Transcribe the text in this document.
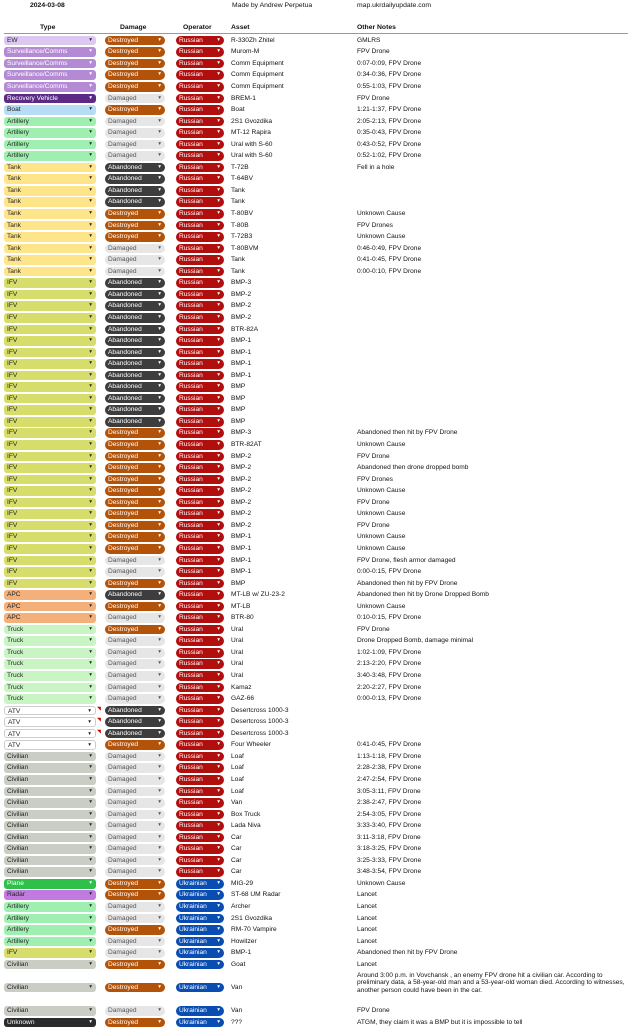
2024-03-08	Made by Andrew Perpetua	map.ukrdailyupdate.com
Type	Damage	Operator	Asset	Other Notes
EW	▾	Destroyed	▾	Russian	▾ R-330Zh Zhitel	GMLRS
Surveillance/Comms	▾	Destroyed	▾	Russian	▾ Murom-M	FPV Drone
Surveillance/Comms	▾	Destroyed	▾	Russian	▾ Comm Equipment	0:07-0:09, FPV Drone
Surveillance/Comms	▾	Destroyed	▾	Russian	▾ Comm Equipment	0:34-0:36, FPV Drone
Surveillance/Comms	▾	Destroyed	▾	Russian	▾ Comm Equipment	0:55-1:03, FPV Drone
Recovery Vehicle	▾	Damaged	▾	Russian	▾ BREM-1	FPV Drone
Boat	▾	Destroyed	▾	Russian	▾ Boat	1:21-1:37, FPV Drone
Artillery	▾	Damaged	▾	Russian	▾ 2S1 Gvozdika	2:05-2:13, FPV Drone
Artillery	▾	Damaged	▾	Russian	▾ MT-12 Rapira	0:35-0:43, FPV Drone
Artillery	▾	Damaged	▾	Russian	▾ Ural with S-60	0:43-0:52, FPV Drone
Artillery	▾	Damaged	▾	Russian	▾ Ural with S-60	0:52-1:02, FPV Drone
Tank	▾	Abandoned	▾	Russian	▾ T-72B	Fell in a hole
Tank	▾	Abandoned	▾	Russian	▾ T-64BV
Tank	▾	Abandoned	▾	Russian	▾ Tank
Tank	▾	Abandoned	▾	Russian	▾ Tank
Tank	▾	Destroyed	▾	Russian	▾ T-80BV	Unknown Cause
Tank	▾	Destroyed	▾	Russian	▾ T-80B	FPV Drones
Tank	▾	Destroyed	▾	Russian	▾ T-72B3	Unknown Cause
Tank	▾	Damaged	▾	Russian	▾ T-80BVM	0:46-0:49, FPV Drone
Tank	▾	Damaged	▾	Russian	▾ Tank	0:41-0:45, FPV Drone
Tank	▾	Damaged	▾	Russian	▾ Tank	0:00-0:10, FPV Drone
IFV	▾	Abandoned	▾	Russian	▾ BMP-3
IFV	▾	Abandoned	▾	Russian	▾ BMP-2
IFV	▾	Abandoned	▾	Russian	▾ BMP-2
IFV	▾	Abandoned	▾	Russian	▾ BMP-2
IFV	▾	Abandoned	▾	Russian	▾ BTR-82A
IFV	▾	Abandoned	▾	Russian	▾ BMP-1
IFV	▾	Abandoned	▾	Russian	▾ BMP-1
IFV	▾	Abandoned	▾	Russian	▾ BMP-1
IFV	▾	Abandoned	▾	Russian	▾ BMP-1
IFV	▾	Abandoned	▾	Russian	▾ BMP
IFV	▾	Abandoned	▾	Russian	▾ BMP
IFV	▾	Abandoned	▾	Russian	▾ BMP
IFV	▾	Abandoned	▾	Russian	▾ BMP
IFV	▾	Destroyed	▾	Russian	▾ BMP-3	Abandoned then hit by FPV Drone
IFV	▾	Destroyed	▾	Russian	▾ BTR-82AT	Unknown Cause
IFV	▾	Destroyed	▾	Russian	▾ BMP-2	FPV Drone
IFV	▾	Destroyed	▾	Russian	▾ BMP-2	Abandoned then drone dropped bomb
IFV	▾	Destroyed	▾	Russian	▾ BMP-2	FPV Drones
IFV	▾	Destroyed	▾	Russian	▾ BMP-2	Unknown Cause
IFV	▾	Destroyed	▾	Russian	▾ BMP-2	FPV Drone
IFV	▾	Destroyed	▾	Russian	▾ BMP-2	Unknown Cause
IFV	▾	Destroyed	▾	Russian	▾ BMP-2	FPV Drone
IFV	▾	Destroyed	▾	Russian	▾ BMP-1	Unknown Cause
IFV	▾	Destroyed	▾	Russian	▾ BMP-1	Unknown Cause
IFV	▾	Damaged	▾	Russian	▾ BMP-1	FPV Drone, flesh armor damaged
IFV	▾	Damaged	▾	Russian	▾ BMP-1	0:00-0:15, FPV Drone
IFV	▾	Destroyed	▾	Russian	▾ BMP	Abandoned then hit by FPV Drone
APC	▾	Abandoned	▾	Russian	▾ MT-LB w/ ZU-23-2	Abandoned then hit by Drone Dropped Bomb
APC	▾	Destroyed	▾	Russian	▾ MT-LB	Unknown Cause
APC	▾	Damaged	▾	Russian	▾ BTR-80	0:10-0:15, FPV Drone
Truck	▾	Destroyed	▾	Russian	▾ Ural	FPV Drone
Truck	▾	Damaged	▾	Russian	▾ Ural	Drone Dropped Bomb, damage minimal
Truck	▾	Damaged	▾	Russian	▾ Ural	1:02-1:09, FPV Drone
Truck	▾	Damaged	▾	Russian	▾ Ural	2:13-2:20, FPV Drone
Truck	▾	Damaged	▾	Russian	▾ Ural	3:40-3:48, FPV Drone
Truck	▾	Damaged	▾	Russian	▾ Kamaz	2:20-2:27, FPV Drone
Truck	▾	Damaged	▾	Russian	▾ GAZ-66	0:00-0:13, FPV Drone
ATV	▾ ◥	Abandoned	▾	Russian	▾ Desertcross 1000-3
ATV	▾ ◥	Abandoned	▾	Russian	▾ Desertcross 1000-3
ATV	▾ ◥	Abandoned	▾	Russian	▾ Desertcross 1000-3
ATV	▾	Destroyed	▾	Russian	▾ Four Wheeler	0:41-0:45, FPV Drone
Civilian	▾	Damaged	▾	Russian	▾ Loaf	1:13-1:18, FPV Drone
Civilian	▾	Damaged	▾	Russian	▾ Loaf	2:28-2:38, FPV Drone
Civilian	▾	Damaged	▾	Russian	▾ Loaf	2:47-2:54, FPV Drone
Civilian	▾	Damaged	▾	Russian	▾ Loaf	3:05-3:11, FPV Drone
Civilian	▾	Damaged	▾	Russian	▾ Van	2:38-2:47, FPV Drone
Civilian	▾	Damaged	▾	Russian	▾ Box Truck	2:54-3:05, FPV Drone
Civilian	▾	Damaged	▾	Russian	▾ Lada Niva	3:33-3:40, FPV Drone
Civilian	▾	Damaged	▾	Russian	▾ Car	3:11-3:18, FPV Drone
Civilian	▾	Damaged	▾	Russian	▾ Car	3:18-3:25, FPV Drone
Civilian	▾	Damaged	▾	Russian	▾ Car	3:25-3:33, FPV Drone
Civilian	▾	Damaged	▾	Russian	▾ Car	3:48-3:54, FPV Drone
Plane	▾	Destroyed	▾	Ukrainian ▾ MIG-29	Unknown Cause
Radar	▾	Destroyed	▾	Ukrainian ▾ ST-68 UM Radar	Lancet
Artillery	▾	Damaged	▾	Ukrainian ▾ Archer	Lancet
Artillery	▾	Damaged	▾	Ukrainian ▾ 2S1 Gvozdika	Lancet
Artillery	▾	Destroyed	▾	Ukrainian ▾ RM-70 Vampire	Lancet
Artillery	▾	Damaged	▾	Ukrainian ▾ Howitzer	Lancet
IFV	▾	Damaged	▾	Ukrainian ▾ BMP-1	Abandoned then hit by FPV Drone
Civilian	▾	Destroyed	▾	Ukrainian ▾ Goat	Lancet
Civilian	▾	Destroyed	▾	Ukrainian ▾ Van
Around 3:00 p.m. in Vovchansk , an enemy FPV drone hit a civilian car. According to preliminary data, a 58-year-old man and a 53-year-old woman died. According to witnesses, another person could have been in the car.
Civilian	▾	Damaged	▾	Ukrainian ▾ Van	FPV Drone
Unknown	▾	Destroyed	▾	Ukrainian ▾ ???	ATGM, they claim it was a BMP but it is impossible to tell
